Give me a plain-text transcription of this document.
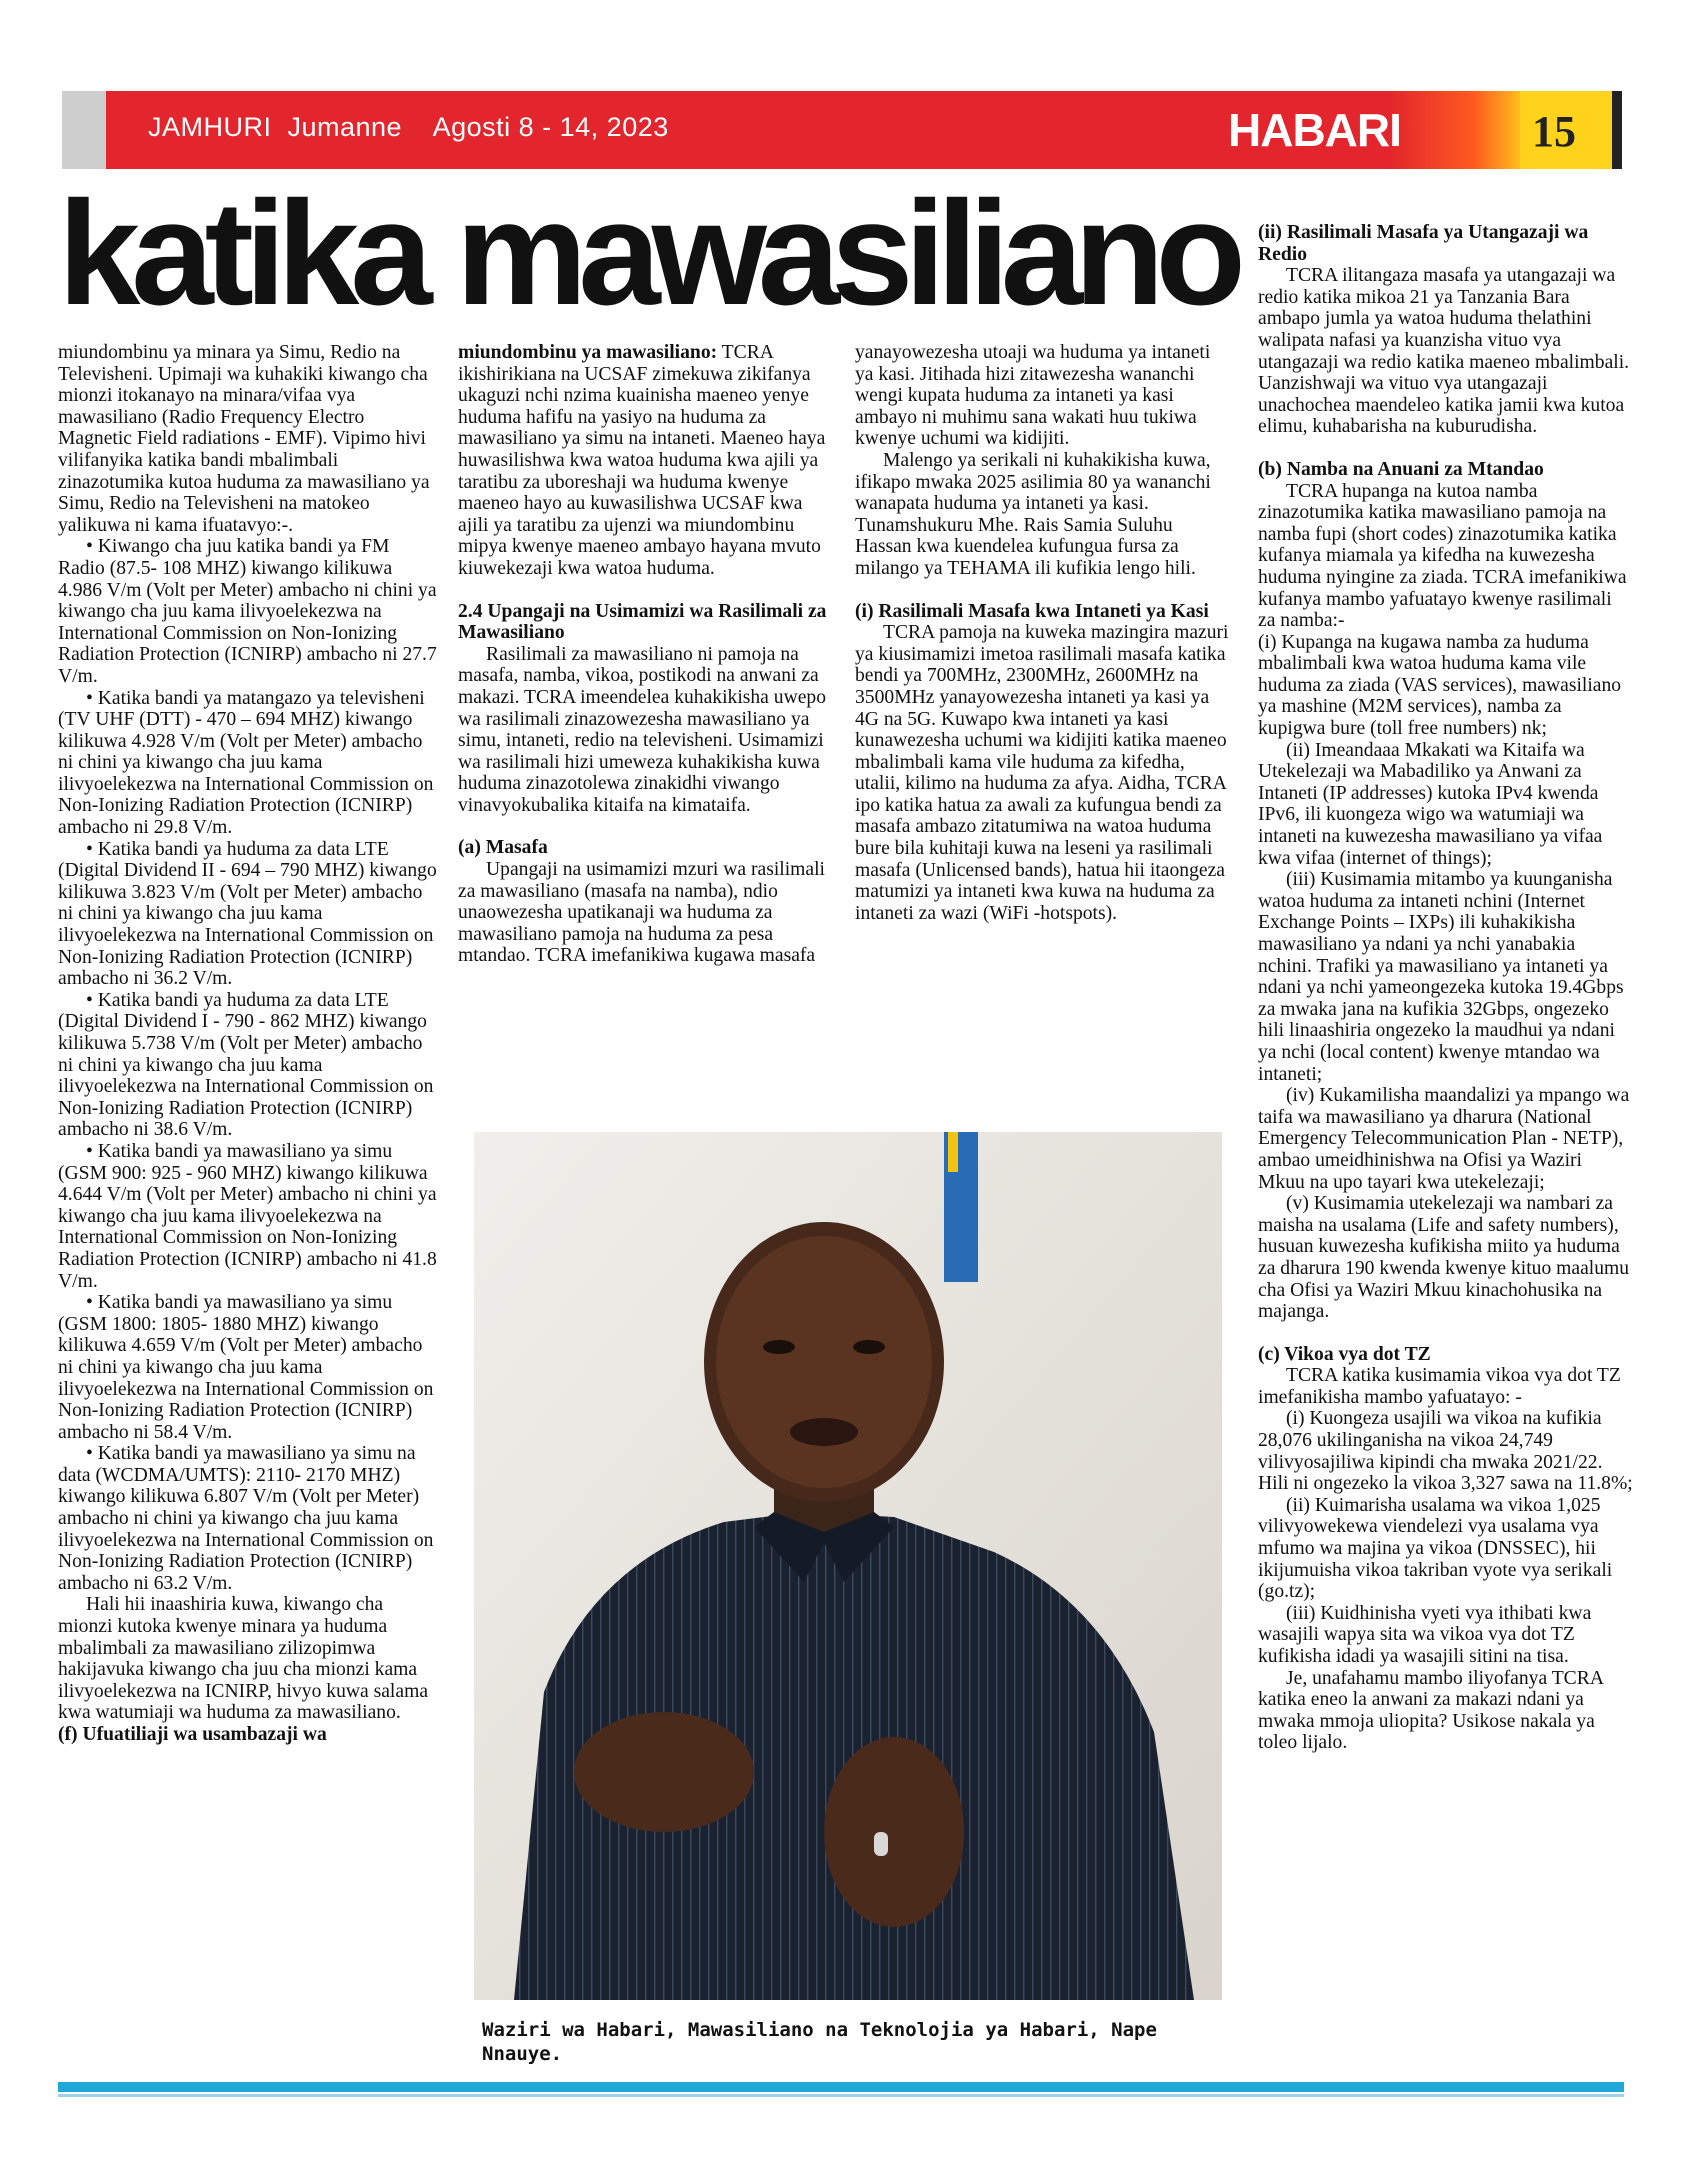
JAMHURI  Jumanne    Agosti 8 - 14, 2023	HABARI	15
katika mawasiliano

miundombinu ya minara ya Simu, Redio na Televisheni. Upimaji wa kuhakiki kiwango cha mionzi itokanayo na minara/vifaa vya mawasiliano (Radio Frequency Electro Magnetic Field radiations - EMF). Vipimo hivi vilifanyika katika bandi mbalimbali zinazotumika kutoa huduma za mawasiliano ya Simu, Redio na Televisheni na matokeo yalikuwa ni kama ifuatavyo:-.

• Kiwango cha juu katika bandi ya FM Radio (87.5- 108 MHZ) kiwango kilikuwa 4.986 V/m (Volt per Meter) ambacho ni chini ya kiwango cha juu kama ilivyoelekezwa na International Commission on Non-Ionizing Radiation Protection (ICNIRP) ambacho ni 27.7 V/m.

• Katika bandi ya matangazo ya televisheni (TV UHF (DTT) - 470 – 694 MHZ) kiwango kilikuwa 4.928 V/m (Volt per Meter) ambacho ni chini ya kiwango cha juu kama ilivyoelekezwa na International Commission on Non-Ionizing Radiation Protection (ICNIRP) ambacho ni 29.8 V/m.

• Katika bandi ya huduma za data LTE (Digital Dividend II - 694 – 790 MHZ) kiwango kilikuwa 3.823 V/m (Volt per Meter) ambacho ni chini ya kiwango cha juu kama ilivyoelekezwa na International Commission on Non-Ionizing Radiation Protection (ICNIRP) ambacho ni 36.2 V/m.

• Katika bandi ya huduma za data LTE (Digital Dividend I - 790 - 862 MHZ) kiwango kilikuwa 5.738 V/m (Volt per Meter) ambacho ni chini ya kiwango cha juu kama ilivyoelekezwa na International Commission on Non-Ionizing Radiation Protection (ICNIRP) ambacho ni 38.6 V/m.

• Katika bandi ya mawasiliano ya simu (GSM 900: 925 - 960 MHZ) kiwango kilikuwa 4.644 V/m (Volt per Meter) ambacho ni chini ya kiwango cha juu kama ilivyoelekezwa na International Commission on Non-Ionizing Radiation Protection (ICNIRP) ambacho ni 41.8 V/m.

• Katika bandi ya mawasiliano ya simu (GSM 1800: 1805- 1880 MHZ) kiwango kilikuwa 4.659 V/m (Volt per Meter) ambacho ni chini ya kiwango cha juu kama ilivyoelekezwa na International Commission on Non-Ionizing Radiation Protection (ICNIRP) ambacho ni 58.4 V/m.

• Katika bandi ya mawasiliano ya simu na data (WCDMA/UMTS): 2110- 2170 MHZ) kiwango kilikuwa 6.807 V/m (Volt per Meter) ambacho ni chini ya kiwango cha juu kama ilivyoelekezwa na International Commission on Non-Ionizing Radiation Protection (ICNIRP) ambacho ni 63.2 V/m.

Hali hii inaashiria kuwa, kiwango cha mionzi kutoka kwenye minara ya huduma mbalimbali za mawasiliano zilizopimwa hakijavuka kiwango cha juu cha mionzi kama ilivyoelekezwa na ICNIRP, hivyo kuwa salama kwa watumiaji wa huduma za mawasiliano.

(f) Ufuatiliaji wa usambazaji wa

miundombinu ya mawasiliano: TCRA ikishirikiana na UCSAF zimekuwa zikifanya ukaguzi nchi nzima kuainisha maeneo yenye huduma hafifu na yasiyo na huduma za mawasiliano ya simu na intaneti. Maeneo haya huwasilishwa kwa watoa huduma kwa ajili ya taratibu za uboreshaji wa huduma kwenye maeneo hayo au kuwasilishwa UCSAF kwa ajili ya taratibu za ujenzi wa miundombinu mipya kwenye maeneo ambayo hayana mvuto kiuwekezaji kwa watoa huduma.

2.4 Upangaji na Usimamizi wa Rasilimali za Mawasiliano

Rasilimali za mawasiliano ni pamoja na masafa, namba, vikoa, postikodi na anwani za makazi. TCRA imeendelea kuhakikisha uwepo wa rasilimali zinazowezesha mawasiliano ya simu, intaneti, redio na televisheni. Usimamizi wa rasilimali hizi umeweza kuhakikisha kuwa huduma zinazotolewa zinakidhi viwango vinavyokubalika kitaifa na kimataifa.

(a) Masafa

Upangaji na usimamizi mzuri wa rasilimali za mawasiliano (masafa na namba), ndio unaowezesha upatikanaji wa huduma za mawasiliano pamoja na huduma za pesa mtandao. TCRA imefanikiwa kugawa masafa

yanayowezesha utoaji wa huduma ya intaneti ya kasi. Jitihada hizi zitawezesha wananchi wengi kupata huduma za intaneti ya kasi ambayo ni muhimu sana wakati huu tukiwa kwenye uchumi wa kidijiti.

Malengo ya serikali ni kuhakikisha kuwa, ifikapo mwaka 2025 asilimia 80 ya wananchi wanapata huduma ya intaneti ya kasi. Tunamshukuru Mhe. Rais Samia Suluhu Hassan kwa kuendelea kufungua fursa za milango ya TEHAMA ili kufikia lengo hili.

(i) Rasilimali Masafa kwa Intaneti ya Kasi

TCRA pamoja na kuweka mazingira mazuri ya kiusimamizi imetoa rasilimali masafa katika bendi ya 700MHz, 2300MHz, 2600MHz na 3500MHz yanayowezesha intaneti ya kasi ya 4G na 5G. Kuwapo kwa intaneti ya kasi kunawezesha uchumi wa kidijiti katika maeneo mbalimbali kama vile huduma za kifedha, utalii, kilimo na huduma za afya. Aidha, TCRA ipo katika hatua za awali za kufungua bendi za masafa ambazo zitatumiwa na watoa huduma bure bila kuhitaji kuwa na leseni ya rasilimali masafa (Unlicensed bands), hatua hii itaongeza matumizi ya intaneti kwa kuwa na huduma za intaneti za wazi (WiFi -hotspots).

(ii) Rasilimali Masafa ya Utangazaji wa Redio

TCRA ilitangaza masafa ya utangazaji wa redio katika mikoa 21 ya Tanzania Bara ambapo jumla ya watoa huduma thelathini walipata nafasi ya kuanzisha vituo vya utangazaji wa redio katika maeneo mbalimbali. Uanzishwaji wa vituo vya utangazaji unachochea maendeleo katika jamii kwa kutoa elimu, kuhabarisha na kuburudisha.

(b) Namba na Anuani za Mtandao

TCRA hupanga na kutoa namba zinazotumika katika mawasiliano pamoja na namba fupi (short codes) zinazotumika katika kufanya miamala ya kifedha na kuwezesha huduma nyingine za ziada. TCRA imefanikiwa kufanya mambo yafuatayo kwenye rasilimali za namba:-

(i) Kupanga na kugawa namba za huduma mbalimbali kwa watoa huduma kama vile huduma za ziada (VAS services), mawasiliano ya mashine (M2M services), namba za kupigwa bure (toll free numbers) nk;

(ii) Imeandaaa Mkakati wa Kitaifa wa Utekelezaji wa Mabadiliko ya Anwani za Intaneti (IP addresses) kutoka IPv4 kwenda IPv6, ili kuongeza wigo wa watumiaji wa intaneti na kuwezesha mawasiliano ya vifaa kwa vifaa (internet of things);

(iii) Kusimamia mitambo ya kuunganisha watoa huduma za intaneti nchini (Internet Exchange Points – IXPs) ili kuhakikisha mawasiliano ya ndani ya nchi yanabakia nchini. Trafiki ya mawasiliano ya intaneti ya ndani ya nchi yameongezeka kutoka 19.4Gbps za mwaka jana na kufikia 32Gbps, ongezeko hili linaashiria ongezeko la maudhui ya ndani ya nchi (local content) kwenye mtandao wa intaneti;

(iv) Kukamilisha maandalizi ya mpango wa taifa wa mawasiliano ya dharura (National Emergency Telecommunication Plan - NETP), ambao umeidhinishwa na Ofisi ya Waziri Mkuu na upo tayari kwa utekelezaji;

(v) Kusimamia utekelezaji wa nambari za maisha na usalama (Life and safety numbers), husuan kuwezesha kufikisha miito ya huduma za dharura 190 kwenda kwenye kituo maalumu cha Ofisi ya Waziri Mkuu kinachohusika na majanga.

(c) Vikoa vya dot TZ

TCRA katika kusimamia vikoa vya dot TZ imefanikisha mambo yafuatayo: -

(i) Kuongeza usajili wa vikoa na kufikia 28,076 ukilinganisha na vikoa 24,749 vilivyosajiliwa kipindi cha mwaka 2021/22. Hili ni ongezeko la vikoa 3,327 sawa na 11.8%;

(ii) Kuimarisha usalama wa vikoa 1,025 vilivyowekewa viendelezi vya usalama vya mfumo wa majina ya vikoa (DNSSEC), hii ikijumuisha vikoa takriban vyote vya serikali (go.tz);

(iii) Kuidhinisha vyeti vya ithibati kwa wasajili wapya sita wa vikoa vya dot TZ kufikisha idadi ya wasajili sitini na tisa.

Je, unafahamu mambo iliyofanya TCRA katika eneo la anwani za makazi ndani ya mwaka mmoja uliopita? Usikose nakala ya toleo lijalo.

Waziri wa Habari, Mawasiliano na Teknolojia ya Habari, Nape Nnauye.
